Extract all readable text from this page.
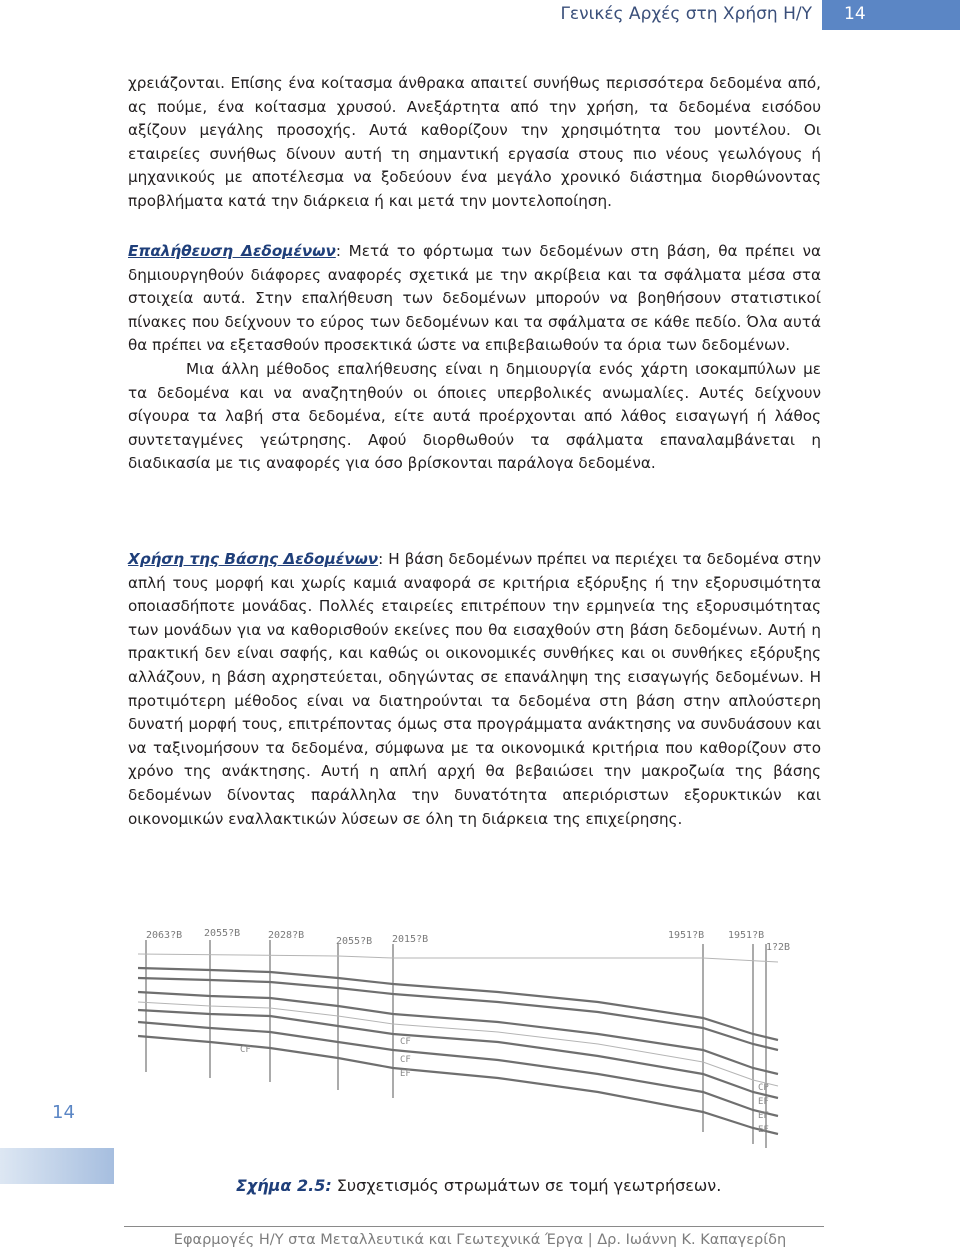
Γενικές Αρχές στη Χρήση Η/Υ 14

χρειάζονται. Επίσης ένα κοίτασμα άνθρακα απαιτεί συνήθως περισσότερα δεδομένα από, ας πούμε, ένα κοίτασμα χρυσού. Ανεξάρτητα από την χρήση, τα δεδομένα εισόδου αξίζουν μεγάλης προσοχής. Αυτά καθορίζουν την χρησιμότητα του μοντέλου. Οι εταιρείες συνήθως δίνουν αυτή τη σημαντική εργασία στους πιο νέους γεωλόγους ή μηχανικούς με αποτέλεσμα να ξοδεύουν ένα μεγάλο χρονικό διάστημα διορθώνοντας προβλήματα κατά την διάρκεια ή και μετά την μοντελοποίηση.

Επαλήθευση Δεδομένων: Μετά το φόρτωμα των δεδομένων στη βάση, θα πρέπει να δημιουργηθούν διάφορες αναφορές σχετικά με την ακρίβεια και τα σφάλματα μέσα στα στοιχεία αυτά. Στην επαλήθευση των δεδομένων μπορούν να βοηθήσουν στατιστικοί πίνακες που δείχνουν το εύρος των δεδομένων και τα σφάλματα σε κάθε πεδίο. Όλα αυτά θα πρέπει να εξετασθούν προσεκτικά ώστε να επιβεβαιωθούν τα όρια των δεδομένων.

Μια άλλη μέθοδος επαλήθευσης είναι η δημιουργία ενός χάρτη ισοκαμπύλων με τα δεδομένα και να αναζητηθούν οι όποιες υπερβολικές ανωμαλίες. Αυτές δείχνουν σίγουρα τα λαβή στα δεδομένα, είτε αυτά προέρχονται από λάθος εισαγωγή ή λάθος συντεταγμένες γεώτρησης. Αφού διορθωθούν τα σφάλματα επαναλαμβάνεται η διαδικασία με τις αναφορές για όσο βρίσκονται παράλογα δεδομένα.

Χρήση της Βάσης Δεδομένων: Η βάση δεδομένων πρέπει να περιέχει τα δεδομένα στην απλή τους μορφή και χωρίς καμιά αναφορά σε κριτήρια εξόρυξης ή την εξορυσιμότητα οποιασδήποτε μονάδας. Πολλές εταιρείες επιτρέπουν την ερμηνεία της εξορυσιμότητας των μονάδων για να καθορισθούν εκείνες που θα εισαχθούν στη βάση δεδομένων. Αυτή η πρακτική δεν είναι σαφής, και καθώς οι οικονομικές συνθήκες και οι συνθήκες εξόρυξης αλλάζουν, η βάση αχρηστεύεται, οδηγώντας σε επανάληψη της εισαγωγής δεδομένων. Η προτιμότερη μέθοδος είναι να διατηρούνται τα δεδομένα στη βάση στην απλούστερη δυνατή μορφή τους, επιτρέποντας όμως στα προγράμματα ανάκτησης να συνδυάσουν και να ταξινομήσουν τα δεδομένα, σύμφωνα με τα οικονομικά κριτήρια που καθορίζουν στο χρόνο της ανάκτησης. Αυτή η απλή αρχή θα βεβαιώσει την μακροζωία της βάσης δεδομένων δίνοντας παράλληλα την δυνατότητα απεριόριστων εξορυκτικών και οικονομικών εναλλακτικών λύσεων σε όλη τη διάρκεια της επιχείρησης.

2063?B 2055?B	2028?B
2055?B 2015?B	1951?B 1951?B
1?2B
CF
CF
CF
EF
CP
EF
EF
EF
14
Σχήμα 2.5: Συσχετισμός στρωμάτων σε τομή γεωτρήσεων.
Εφαρμογές Η/Υ στα Μεταλλευτικά και Γεωτεχνικά Έργα | Δρ. Ιωάννη Κ. Καπαγερίδη
